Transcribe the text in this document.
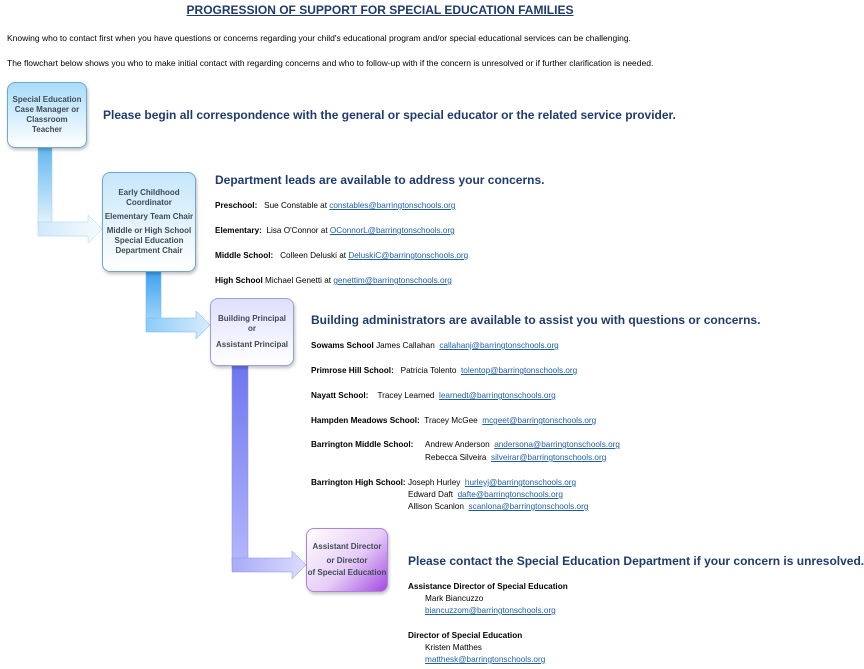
PROGRESSION OF SUPPORT FOR SPECIAL EDUCATION FAMILIES
Knowing who to contact first when you have questions or concerns regarding your child's educational program and/or special educational services can be challenging.
The flowchart below shows you who to make initial contact with regarding concerns and who to follow-up with if the concern is unresolved or if further clarification is needed.
Special Education
Case Manager or
Classroom
Teacher
Please begin all correspondence with the general or special educator or the related service provider.
Early Childhood
Coordinator
Elementary Team Chair
Middle or High School
Special Education
Department Chair
Department leads are available to address your concerns.
Preschool: Sue Constable at constables@barringtonschools.org
Elementary: Lisa O'Connor at OConnorL@barringtonschools.org
Middle School: Colleen Deluski at DeluskiC@barringtonschools.org
High School Michael Genetti at genettim@barringtonschools.org
Building Principal
or
Assistant Principal
Building administrators are available to assist you with questions or concerns.
Sowams School James Callahan callahanj@barringtonschools.org
Primrose Hill School: Patricia Tolento tolentop@barringtonschools.org
Nayatt School: Tracey Learned learnedt@barringtonschools.org
Hampden Meadows School: Tracey McGee mcgeet@barringtonschools.org
Barrington Middle School: Andrew Anderson andersona@barringtonschools.org
Rebecca Silveira silveirar@barringtonschools.org
Barrington High School: Joseph Hurley hurleyj@barringtonschools.org
Edward Daft dafte@barringtonschools.org
Allison Scanlon scanlona@barringtonschools.org
Assistant Director
or Director
of Special Education
Please contact the Special Education Department if your concern is unresolved.
Assistance Director of Special Education
Mark Biancuzzo
biancuzzom@barringtonschools.org
Director of Special Education
Kristen Matthes
matthesk@barringtonschools.org
